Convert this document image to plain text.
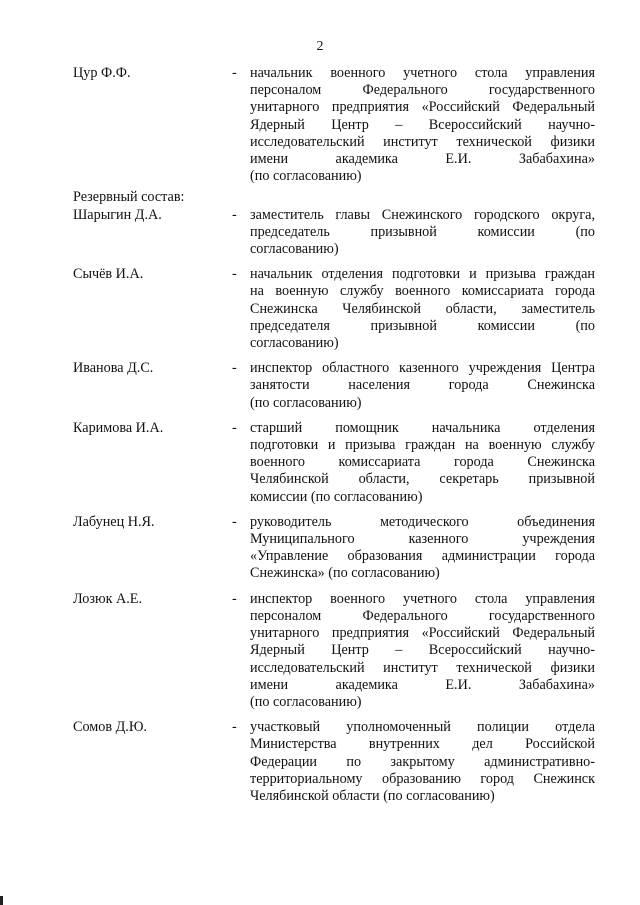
2
Цур Ф.Ф.	- начальник военного учетного стола управления
персоналом Федерального государственного
унитарного предприятия «Российский Федеральный
Ядерный Центр – Всероссийский научно-
исследовательский институт технической физики
имени академика Е.И. Забабахина»
(по согласованию)
Резервный состав:
Шарыгин Д.А.	- заместитель главы Снежинского городского округа,
председатель призывной комиссии (по
согласованию)
Сычёв И.А.	- начальник отделения подготовки и призыва граждан
на военную службу военного комиссариата города
Снежинска Челябинской области, заместитель
председателя призывной комиссии (по
согласованию)
Иванова Д.С.	- инспектор областного казенного учреждения Центра
занятости населения города Снежинска
(по согласованию)
Каримова И.А.	- старший помощник начальника отделения
подготовки и призыва граждан на военную службу
военного комиссариата города Снежинска
Челябинской области, секретарь призывной
комиссии (по согласованию)
Лабунец Н.Я.	- руководитель методического объединения
Муниципального казенного учреждения
«Управление образования администрации города
Снежинска» (по согласованию)
Лозюк А.Е.	- инспектор военного учетного стола управления
персоналом Федерального государственного
унитарного предприятия «Российский Федеральный
Ядерный Центр – Всероссийский научно-
исследовательский институт технической физики
имени академика Е.И. Забабахина»
(по согласованию)
Сомов Д.Ю.	- участковый уполномоченный полиции отдела
Министерства внутренних дел Российской
Федерации по закрытому административно-
территориальному образованию город Снежинск
Челябинской области (по согласованию)
